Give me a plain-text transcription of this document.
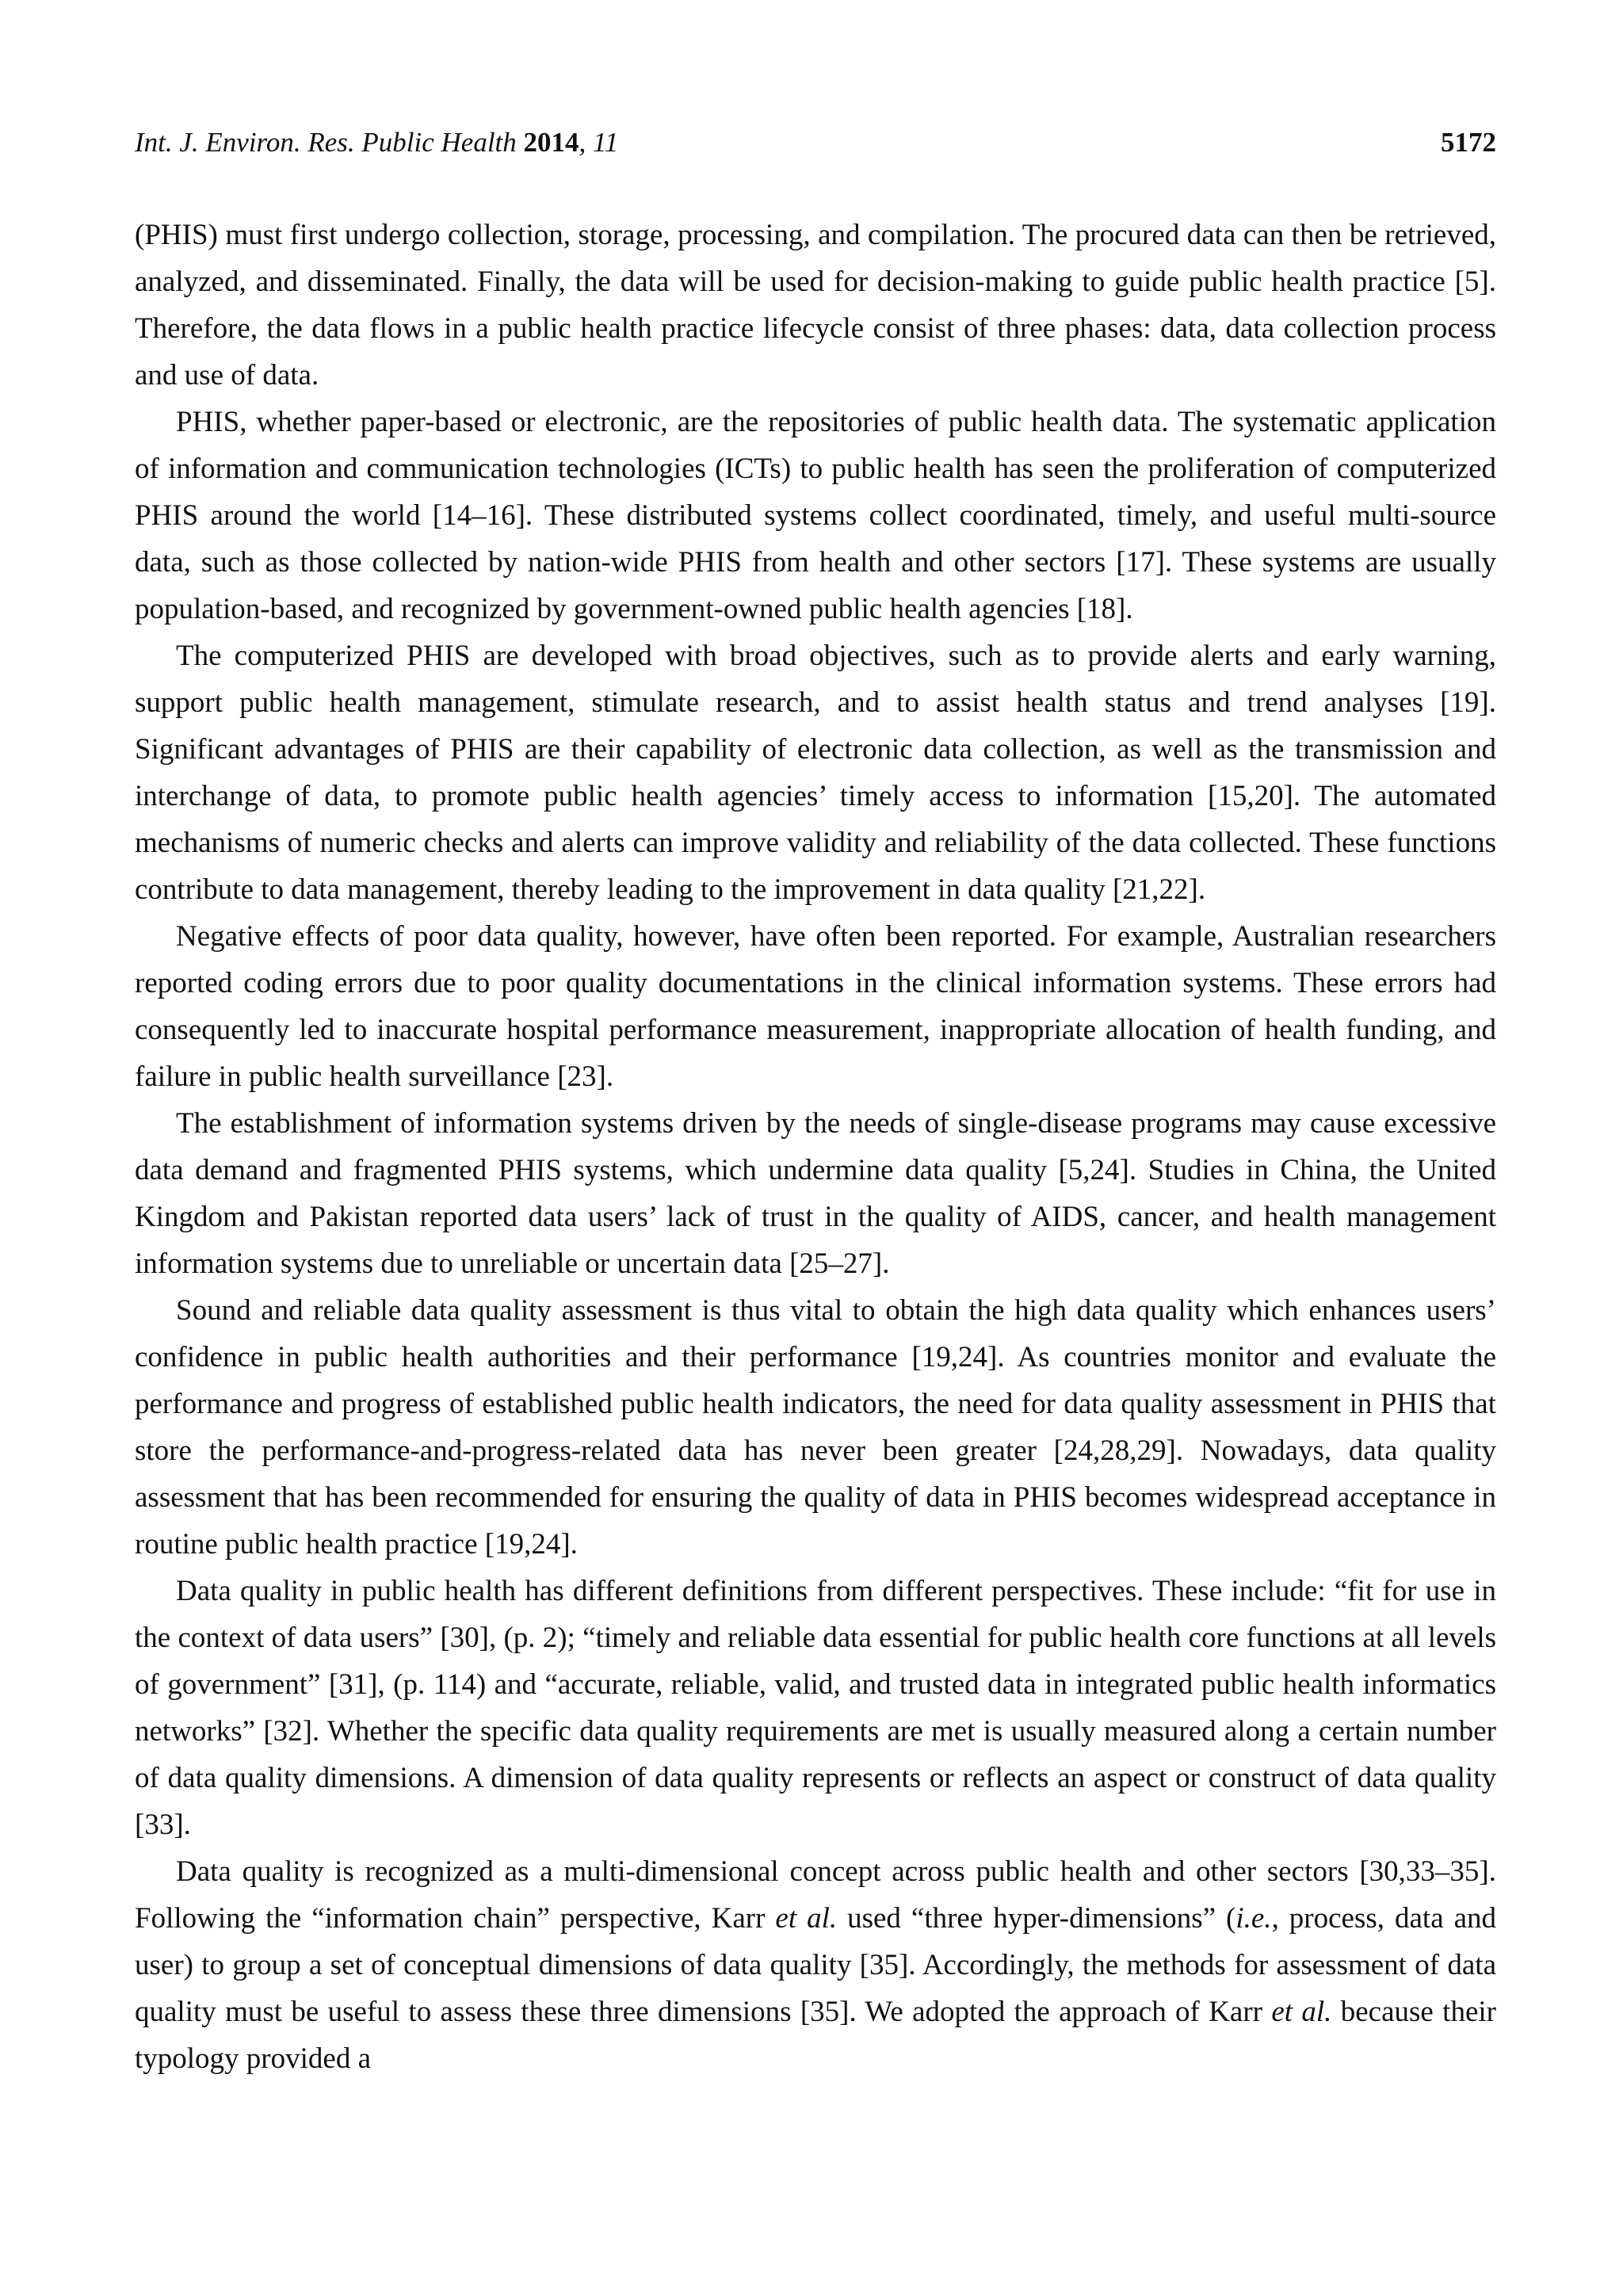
Int. J. Environ. Res. Public Health 2014, 11	5172

(PHIS) must first undergo collection, storage, processing, and compilation. The procured data can then be retrieved, analyzed, and disseminated. Finally, the data will be used for decision-making to guide public health practice [5]. Therefore, the data flows in a public health practice lifecycle consist of three phases: data, data collection process and use of data.

PHIS, whether paper-based or electronic, are the repositories of public health data. The systematic application of information and communication technologies (ICTs) to public health has seen the proliferation of computerized PHIS around the world [14–16]. These distributed systems collect coordinated, timely, and useful multi-source data, such as those collected by nation-wide PHIS from health and other sectors [17]. These systems are usually population-based, and recognized by government-owned public health agencies [18].

The computerized PHIS are developed with broad objectives, such as to provide alerts and early warning, support public health management, stimulate research, and to assist health status and trend analyses [19]. Significant advantages of PHIS are their capability of electronic data collection, as well as the transmission and interchange of data, to promote public health agencies’ timely access to information [15,20]. The automated mechanisms of numeric checks and alerts can improve validity and reliability of the data collected. These functions contribute to data management, thereby leading to the improvement in data quality [21,22].

Negative effects of poor data quality, however, have often been reported. For example, Australian researchers reported coding errors due to poor quality documentations in the clinical information systems. These errors had consequently led to inaccurate hospital performance measurement, inappropriate allocation of health funding, and failure in public health surveillance [23].

The establishment of information systems driven by the needs of single-disease programs may cause excessive data demand and fragmented PHIS systems, which undermine data quality [5,24]. Studies in China, the United Kingdom and Pakistan reported data users’ lack of trust in the quality of AIDS, cancer, and health management information systems due to unreliable or uncertain data [25–27].

Sound and reliable data quality assessment is thus vital to obtain the high data quality which enhances users’ confidence in public health authorities and their performance [19,24]. As countries monitor and evaluate the performance and progress of established public health indicators, the need for data quality assessment in PHIS that store the performance-and-progress-related data has never been greater [24,28,29]. Nowadays, data quality assessment that has been recommended for ensuring the quality of data in PHIS becomes widespread acceptance in routine public health practice [19,24].

Data quality in public health has different definitions from different perspectives. These include: “fit for use in the context of data users” [30], (p. 2); “timely and reliable data essential for public health core functions at all levels of government” [31], (p. 114) and “accurate, reliable, valid, and trusted data in integrated public health informatics networks” [32]. Whether the specific data quality requirements are met is usually measured along a certain number of data quality dimensions. A dimension of data quality represents or reflects an aspect or construct of data quality [33].

Data quality is recognized as a multi-dimensional concept across public health and other sectors [30,33–35]. Following the “information chain” perspective, Karr et al. used “three hyper-dimensions” (i.e., process, data and user) to group a set of conceptual dimensions of data quality [35]. Accordingly, the methods for assessment of data quality must be useful to assess these three dimensions [35]. We adopted the approach of Karr et al. because their typology provided a
